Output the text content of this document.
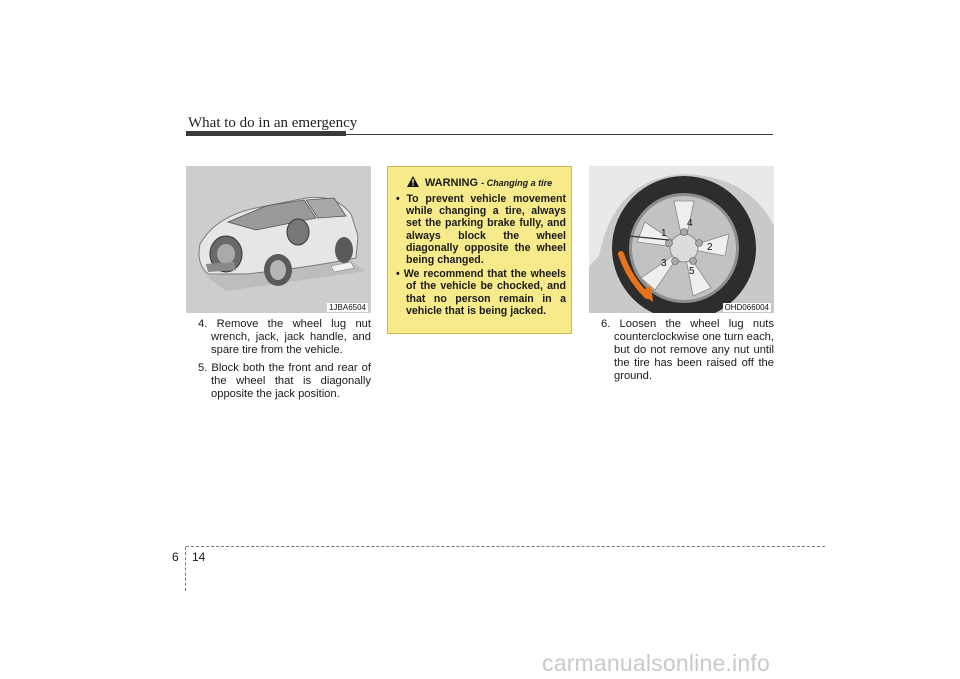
What to do in an emergency
1JBA6504

4. Remove the wheel lug nut wrench, jack, jack handle, and spare tire from the vehicle.

5. Block both the front and rear of the wheel that is diagonally opposite the jack position.

WARNING - Changing a tire
• To prevent vehicle movement while changing a tire, always set the parking brake fully, and always block the wheel diagonally opposite the wheel being changed.
• We recommend that the wheels of the vehicle be chocked, and that no person remain in a vehicle that is being jacked.
1
2
3
4
5
OHD066004

6. Loosen the wheel lug nuts counterclockwise one turn each, but do not remove any nut until the tire has been raised off the ground.

6 14
carmanualsonline.info
